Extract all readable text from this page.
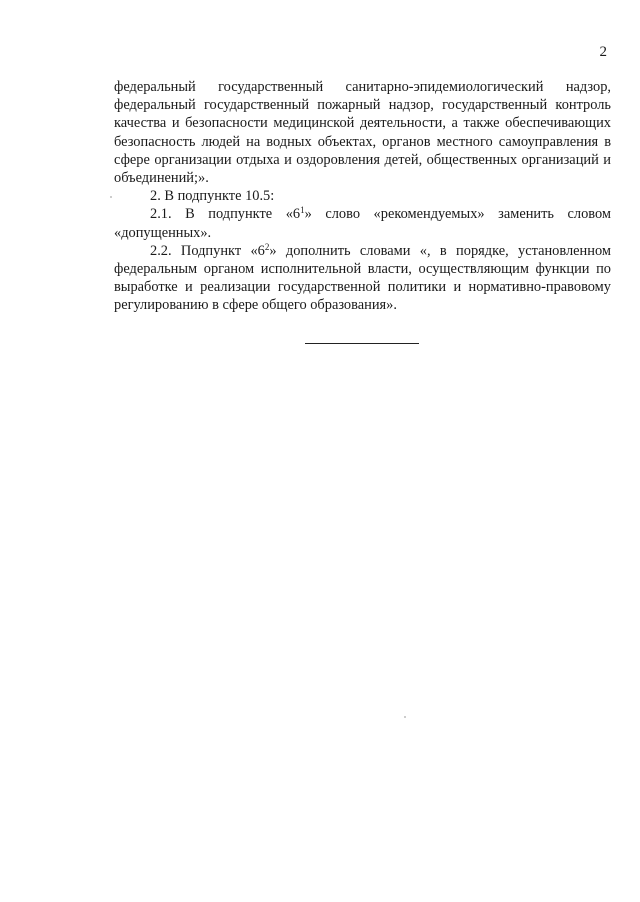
2

федеральный государственный санитарно-эпидемиологический надзор, федеральный государственный пожарный надзор, государственный контроль качества и безопасности медицинской деятельности, а также обеспечивающих безопасность людей на водных объектах, органов местного самоуправления в сфере организации отдыха и оздоровления детей, общественных организаций и объединений;».

2. В подпункте 10.5:

2.1. В подпункте «$6^1$» слово «рекомендуемых» заменить словом «допущенных».

2.2. Подпункт «$6^2$» дополнить словами «, в порядке, установленном федеральным органом исполнительной власти, осуществляющим функции по выработке и реализации государственной политики и нормативно-правовому регулированию в сфере общего образования».
